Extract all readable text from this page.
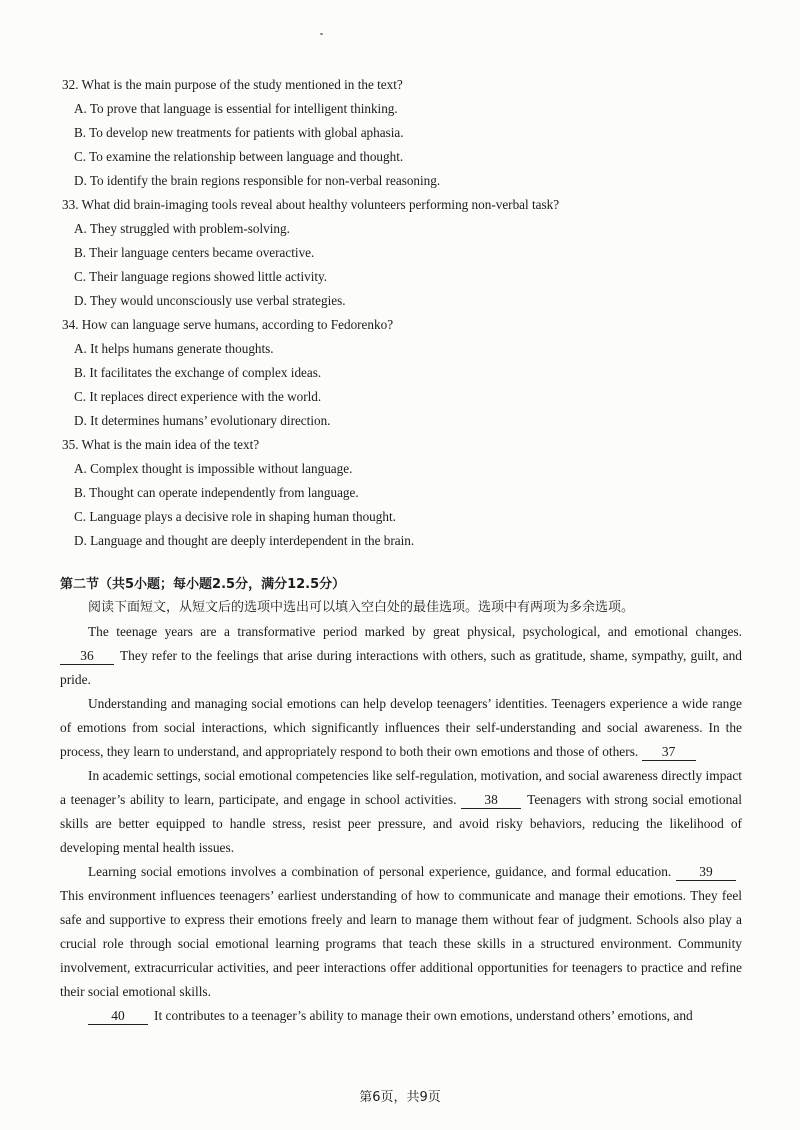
32. What is the main purpose of the study mentioned in the text?
A. To prove that language is essential for intelligent thinking.
B. To develop new treatments for patients with global aphasia.
C. To examine the relationship between language and thought.
D. To identify the brain regions responsible for non-verbal reasoning.
33. What did brain-imaging tools reveal about healthy volunteers performing non-verbal task?
A. They struggled with problem-solving.
B. Their language centers became overactive.
C. Their language regions showed little activity.
D. They would unconsciously use verbal strategies.
34. How can language serve humans, according to Fedorenko?
A. It helps humans generate thoughts.
B. It facilitates the exchange of complex ideas.
C. It replaces direct experience with the world.
D. It determines humans’ evolutionary direction.
35. What is the main idea of the text?
A. Complex thought is impossible without language.
B. Thought can operate independently from language.
C. Language plays a decisive role in shaping human thought.
D. Language and thought are deeply interdependent in the brain.
第二节（共5小题；每小题2.5分，满分12.5分）
阅读下面短文，从短文后的选项中选出可以填入空白处的最佳选项。选项中有两项为多余选项。

The teenage years are a transformative period marked by great physical, psychological, and emotional changes. 36 They refer to the feelings that arise during interactions with others, such as gratitude, shame, sympathy, guilt, and pride.

Understanding and managing social emotions can help develop teenagers’ identities. Teenagers experience a wide range of emotions from social interactions, which significantly influences their self-understanding and social awareness. In the process, they learn to understand, and appropriately respond to both their own emotions and those of others. 37

In academic settings, social emotional competencies like self-regulation, motivation, and social awareness directly impact a teenager’s ability to learn, participate, and engage in school activities. 38 Teenagers with strong social emotional skills are better equipped to handle stress, resist peer pressure, and avoid risky behaviors, reducing the likelihood of developing mental health issues.

Learning social emotions involves a combination of personal experience, guidance, and formal education. 39This environment influences teenagers’ earliest understanding of how to communicate and manage their emotions. They feel safe and supportive to express their emotions freely and learn to manage them without fear of judgment. Schools also play a crucial role through social emotional learning programs that teach these skills in a structured environment. Community involvement, extracurricular activities, and peer interactions offer additional opportunities for teenagers to practice and refine their social emotional skills.

40 It contributes to a teenager’s ability to manage their own emotions, understand others’ emotions, and

第6页，共9页
